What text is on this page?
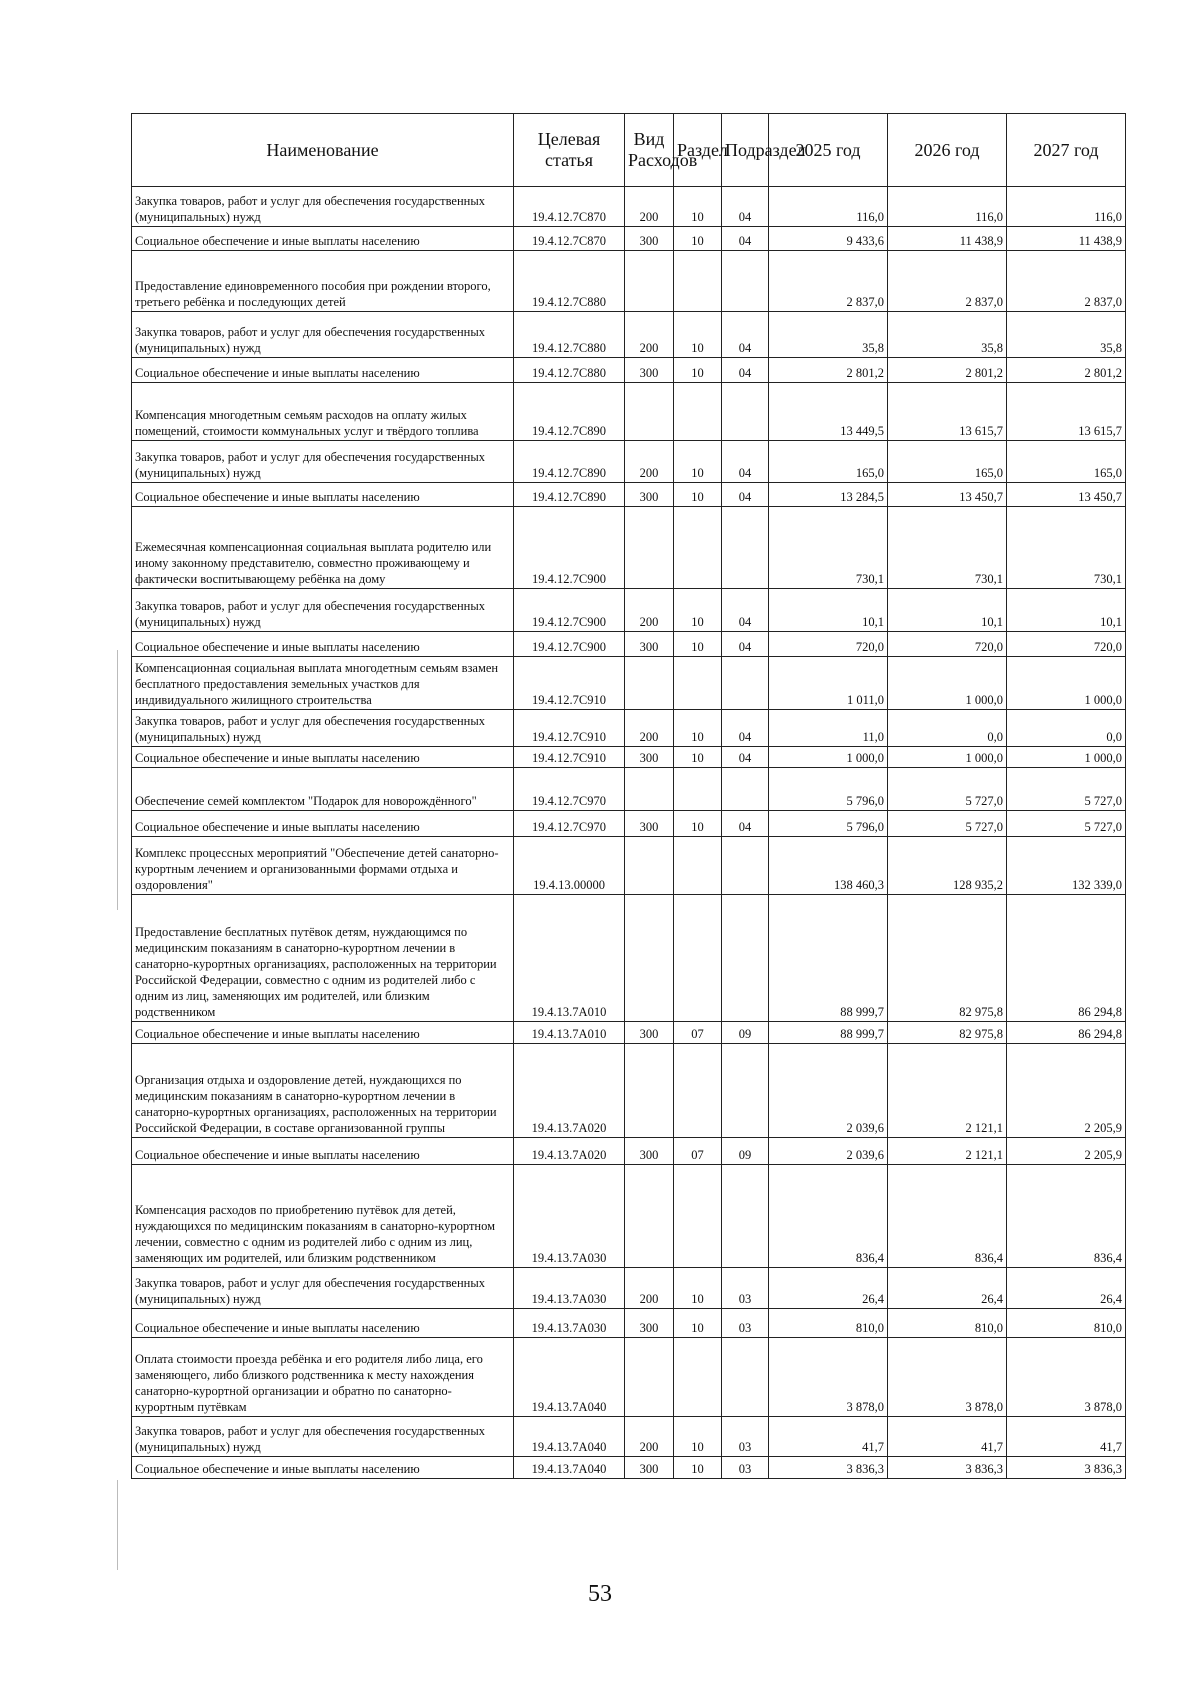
Наименование	Целевая статья	Вид Расходов	Раздел	Подраздел	2025 год	2026 год	2027 год
Закупка товаров, работ и услуг для обеспечения государственных (муниципальных) нужд	19.4.12.7С870	200	10	04	116,0	116,0	116,0
Социальное обеспечение и иные выплаты населению	19.4.12.7С870	300	10	04	9 433,6	11 438,9	11 438,9
Предоставление единовременного пособия при рождении второго, третьего ребёнка и последующих детей	19.4.12.7С880				2 837,0	2 837,0	2 837,0
Закупка товаров, работ и услуг для обеспечения государственных (муниципальных) нужд	19.4.12.7С880	200	10	04	35,8	35,8	35,8
Социальное обеспечение и иные выплаты населению	19.4.12.7С880	300	10	04	2 801,2	2 801,2	2 801,2
Компенсация многодетным семьям расходов на оплату жилых помещений, стоимости коммунальных услуг и твёрдого топлива	19.4.12.7С890				13 449,5	13 615,7	13 615,7
Закупка товаров, работ и услуг для обеспечения государственных (муниципальных) нужд	19.4.12.7С890	200	10	04	165,0	165,0	165,0
Социальное обеспечение и иные выплаты населению	19.4.12.7С890	300	10	04	13 284,5	13 450,7	13 450,7
Ежемесячная компенсационная социальная выплата родителю или иному законному представителю, совместно проживающему и фактически воспитывающему ребёнка на дому	19.4.12.7С900				730,1	730,1	730,1
Закупка товаров, работ и услуг для обеспечения государственных (муниципальных) нужд	19.4.12.7С900	200	10	04	10,1	10,1	10,1
Социальное обеспечение и иные выплаты населению	19.4.12.7С900	300	10	04	720,0	720,0	720,0
Компенсационная социальная выплата многодетным семьям взамен бесплатного предоставления земельных участков для индивидуального жилищного строительства	19.4.12.7С910				1 011,0	1 000,0	1 000,0
Закупка товаров, работ и услуг для обеспечения государственных (муниципальных) нужд	19.4.12.7С910	200	10	04	11,0	0,0	0,0
Социальное обеспечение и иные выплаты населению	19.4.12.7С910	300	10	04	1 000,0	1 000,0	1 000,0
Обеспечение семей комплектом "Подарок для новорождённого"	19.4.12.7С970				5 796,0	5 727,0	5 727,0
Социальное обеспечение и иные выплаты населению	19.4.12.7С970	300	10	04	5 796,0	5 727,0	5 727,0
Комплекс процессных мероприятий "Обеспечение детей санаторно-курортным лечением и организованными формами отдыха и оздоровления"	19.4.13.00000				138 460,3	128 935,2	132 339,0
Предоставление бесплатных путёвок детям, нуждающимся по медицинским показаниям в санаторно-курортном лечении в санаторно-курортных организациях, расположенных на территории Российской Федерации, совместно с одним из родителей либо с одним из лиц, заменяющих им родителей, или близким родственником	19.4.13.7А010				88 999,7	82 975,8	86 294,8
Социальное обеспечение и иные выплаты населению	19.4.13.7А010	300	07	09	88 999,7	82 975,8	86 294,8
Организация отдыха и оздоровление детей, нуждающихся по медицинским показаниям в санаторно-курортном лечении в санаторно-курортных организациях, расположенных на территории Российской Федерации, в составе организованной группы	19.4.13.7А020				2 039,6	2 121,1	2 205,9
Социальное обеспечение и иные выплаты населению	19.4.13.7А020	300	07	09	2 039,6	2 121,1	2 205,9
Компенсация расходов по приобретению путёвок для детей, нуждающихся по медицинским показаниям в санаторно-курортном лечении, совместно с одним из родителей либо с одним из лиц, заменяющих им родителей, или близким родственником	19.4.13.7А030				836,4	836,4	836,4
Закупка товаров, работ и услуг для обеспечения государственных (муниципальных) нужд	19.4.13.7А030	200	10	03	26,4	26,4	26,4
Социальное обеспечение и иные выплаты населению	19.4.13.7А030	300	10	03	810,0	810,0	810,0
Оплата стоимости проезда ребёнка и его родителя либо лица, его заменяющего, либо близкого родственника к месту нахождения санаторно-курортной организации и обратно по санаторно-курортным путёвкам	19.4.13.7А040				3 878,0	3 878,0	3 878,0
Закупка товаров, работ и услуг для обеспечения государственных (муниципальных) нужд	19.4.13.7А040	200	10	03	41,7	41,7	41,7
Социальное обеспечение и иные выплаты населению	19.4.13.7А040	300	10	03	3 836,3	3 836,3	3 836,3
53
